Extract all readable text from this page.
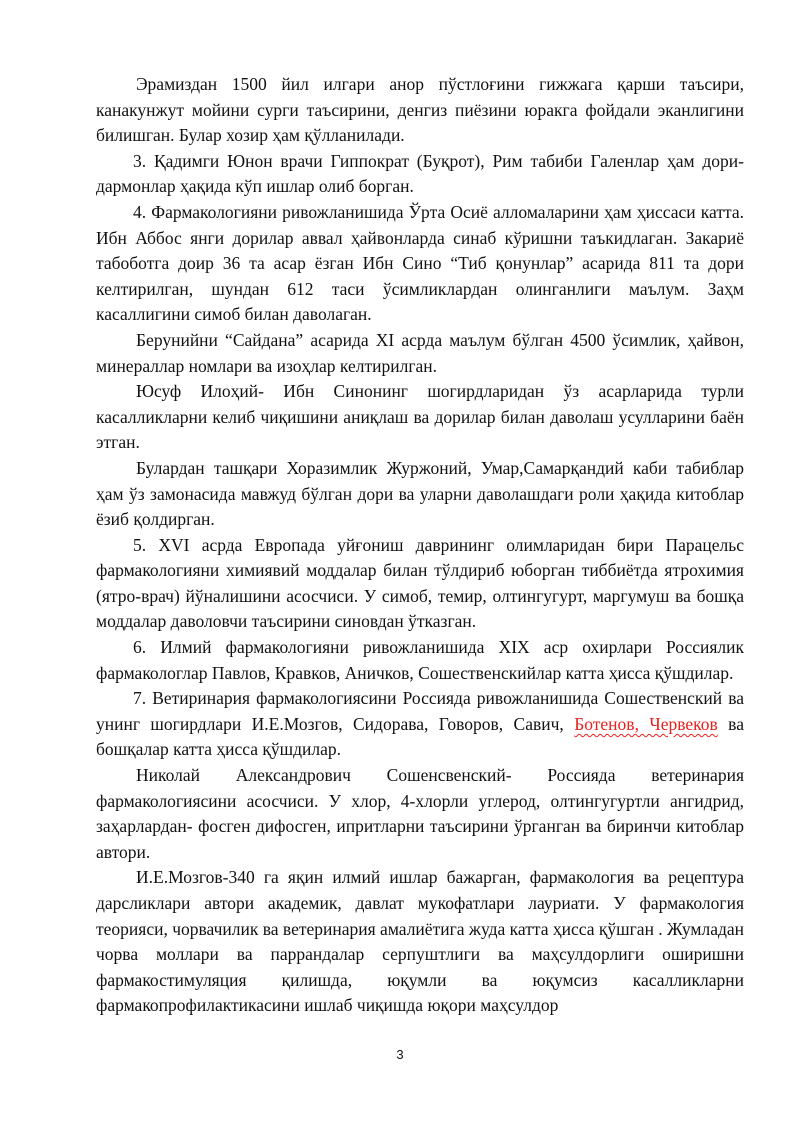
Эрамиздан 1500 йил илгари анор пўстлоғини гижжага қарши таъсири, канакунжут мойини сурги таъсирини, денгиз пиёзини юракга фойдали эканлигини билишган. Булар хозир ҳам қўлланилади.

3. Қадимги Юнон врачи Гиппократ (Буқрот), Рим табиби Галенлар ҳам дори-дармонлар ҳақида кўп ишлар олиб борган.

4. Фармакологияни ривожланишида Ўрта Осиё алломаларини ҳам ҳиссаси катта. Ибн Аббос янги дорилар аввал ҳайвонларда синаб кўришни таъкидлаган. Закариё табоботга доир 36 та асар ёзган Ибн Сино “Тиб қонунлар” асарида 811 та дори келтирилган, шундан 612 таси ўсимликлардан олинганлиги маълум. Заҳм касаллигини симоб билан даволаган.

Берунийни “Сайдана” асарида XI асрда маълум бўлган 4500 ўсимлик, ҳайвон, минераллар номлари ва изоҳлар келтирилган.

Юсуф Илоҳий- Ибн Синонинг шогирдларидан ўз асарларида турли касалликларни келиб чиқишини аниқлаш ва дорилар билан даволаш усулларини баён этган.

Булардан ташқари Хоразимлик Журжоний, Умар,Самарқандий каби табиблар ҳам ўз замонасида мавжуд бўлган дори ва уларни даволашдаги роли ҳақида китоблар ёзиб қолдирган.

5. XVI асрда Европада уйғониш даврининг олимларидан бири Парацельс фармакологияни химиявий моддалар билан тўлдириб юборган тиббиётда ятрохимия (ятро-врач) йўналишини асосчиси. У симоб, темир, олтингугурт, маргумуш ва бошқа моддалар даволовчи таъсирини синовдан ўтказган.

6. Илмий фармакологияни ривожланишида XIX аср охирлари Россиялик фармакологлар Павлов, Кравков, Аничков, Сошественскийлар катта ҳисса қўшдилар.

7. Ветиринария фармакологиясини Россияда ривожланишида Сошественский ва унинг шогирдлари И.Е.Мозгов, Сидорава, Говоров, Савич, Ботенов, Червеков ва бошқалар катта ҳисса қўшдилар.

Николай Александрович Сошенсвенский- Россияда ветеринария фармакологиясини асосчиси. У хлор, 4-хлорли углерод, олтингугуртли ангидрид, заҳарлардан- фосген дифосген, ипритларни таъсирини ўрганган ва биринчи китоблар автори.

И.Е.Мозгов-340 га яқин илмий ишлар бажарган, фармакология ва рецептура дарсликлари автори академик, давлат мукофатлари лауриати. У фармакология теорияси, чорвачилик ва ветеринария амалиётига жуда катта ҳисса қўшган . Жумладан чорва моллари ва паррандалар серпуштлиги ва маҳсулдорлиги оширишни фармакостимуляция қилишда, юқумли ва юқумсиз касалликларни фармакопрофилактикасини ишлаб чиқишда юқори маҳсулдор

3
